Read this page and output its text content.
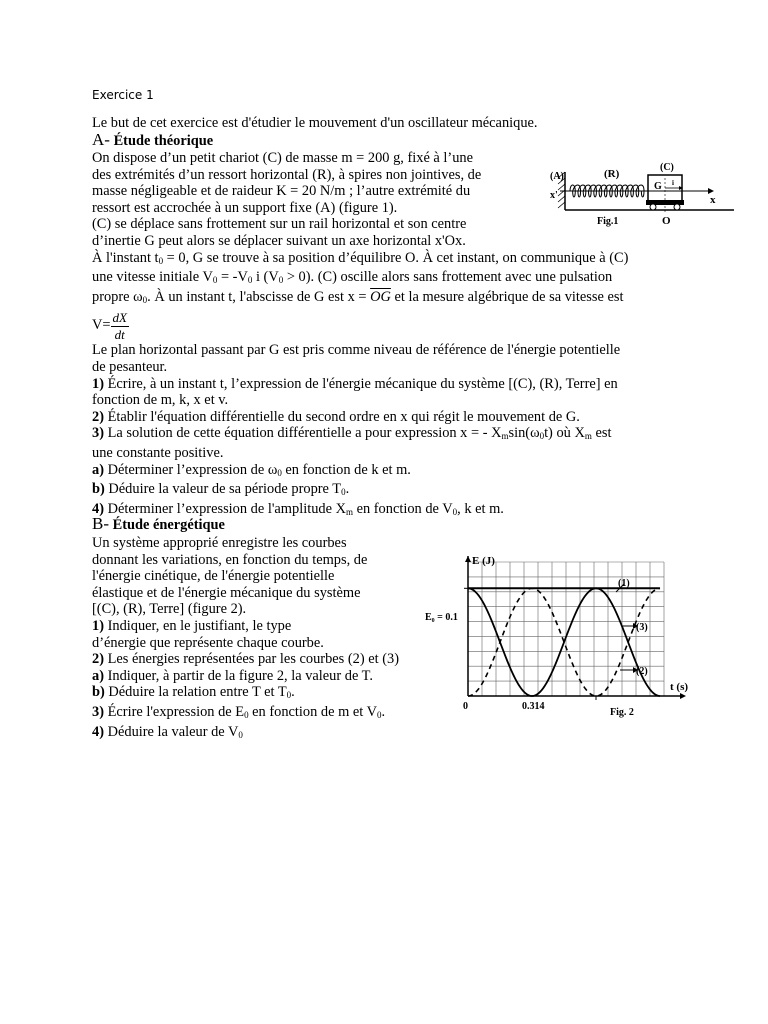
Exercice 1
Le but de cet exercice est d'étudier le mouvement d'un oscillateur mécanique.
A- Étude théorique

On dispose d’un petit chariot (C) de masse m = 200 g, fixé à l’une

des extrémités d’un ressort horizontal (R), à spires non jointives, de

masse négligeable et de raideur K = 20 N/m ; l’autre extrémité du

ressort est accrochée à un support fixe (A) (figure 1).

(C) se déplace sans frottement sur un rail horizontal et son centre

d’inertie G peut alors se déplacer suivant un axe horizontal x'Ox.

À l'instant $t_0 = 0$, G se trouve à sa position d’équilibre O. À cet instant, on communique à (C)

une vitesse initiale $V_0 = -V_0$ i $(V_0 > 0)$. (C) oscille alors sans frottement avec une pulsation

propre $\omega_0$. À un instant t, l'abscisse de G est $x = \overline{OG}$ et la mesure algébrique de sa vitesse est

$V= \frac{dX}{dt}$

Le plan horizontal passant par G est pris comme niveau de référence de l'énergie potentielle

de pesanteur.

1) Écrire, à un instant t, l’expression de l'énergie mécanique du système [(C), (R), Terre] en

fonction de m, k, x et v.

2) Établir l'équation différentielle du second ordre en x qui régit le mouvement de G.

3) La solution de cette équation différentielle a pour expression x = - $X_m\sin(\omega_0t)$ où $X_m$ est

une constante positive.

a) Déterminer l’expression de $\omega_0$ en fonction de k et m.

b) Déduire la valeur de sa période propre $T_0$.

4) Déterminer l’expression de l'amplitude $X_m$ en fonction de $V_0$, k et m.

B- Étude énergétique

Un système approprié enregistre les courbes

donnant les variations, en fonction du temps, de

l'énergie cinétique, de l'énergie potentielle

élastique et de l'énergie mécanique du système

[(C), (R), Terre] (figure 2).

1) Indiquer, en le justifiant, le type

d’énergie que représente chaque courbe.

2) Les énergies représentées par les courbes (2) et (3)

a) Indiquer, à partir de la figure 2, la valeur de T.

b) Déduire la relation entre T et $T_0$.

3) Écrire l'expression de $E_0$ en fonction de m et $V_0$.

4) Déduire la valeur de $V_0$

(A)	(R)
(C)
G i
x'	x
O
Fig.1
E (J)
t (s)
E₀ = 0.1
0	0.314
(1)
(3)
(2)
Fig. 2
